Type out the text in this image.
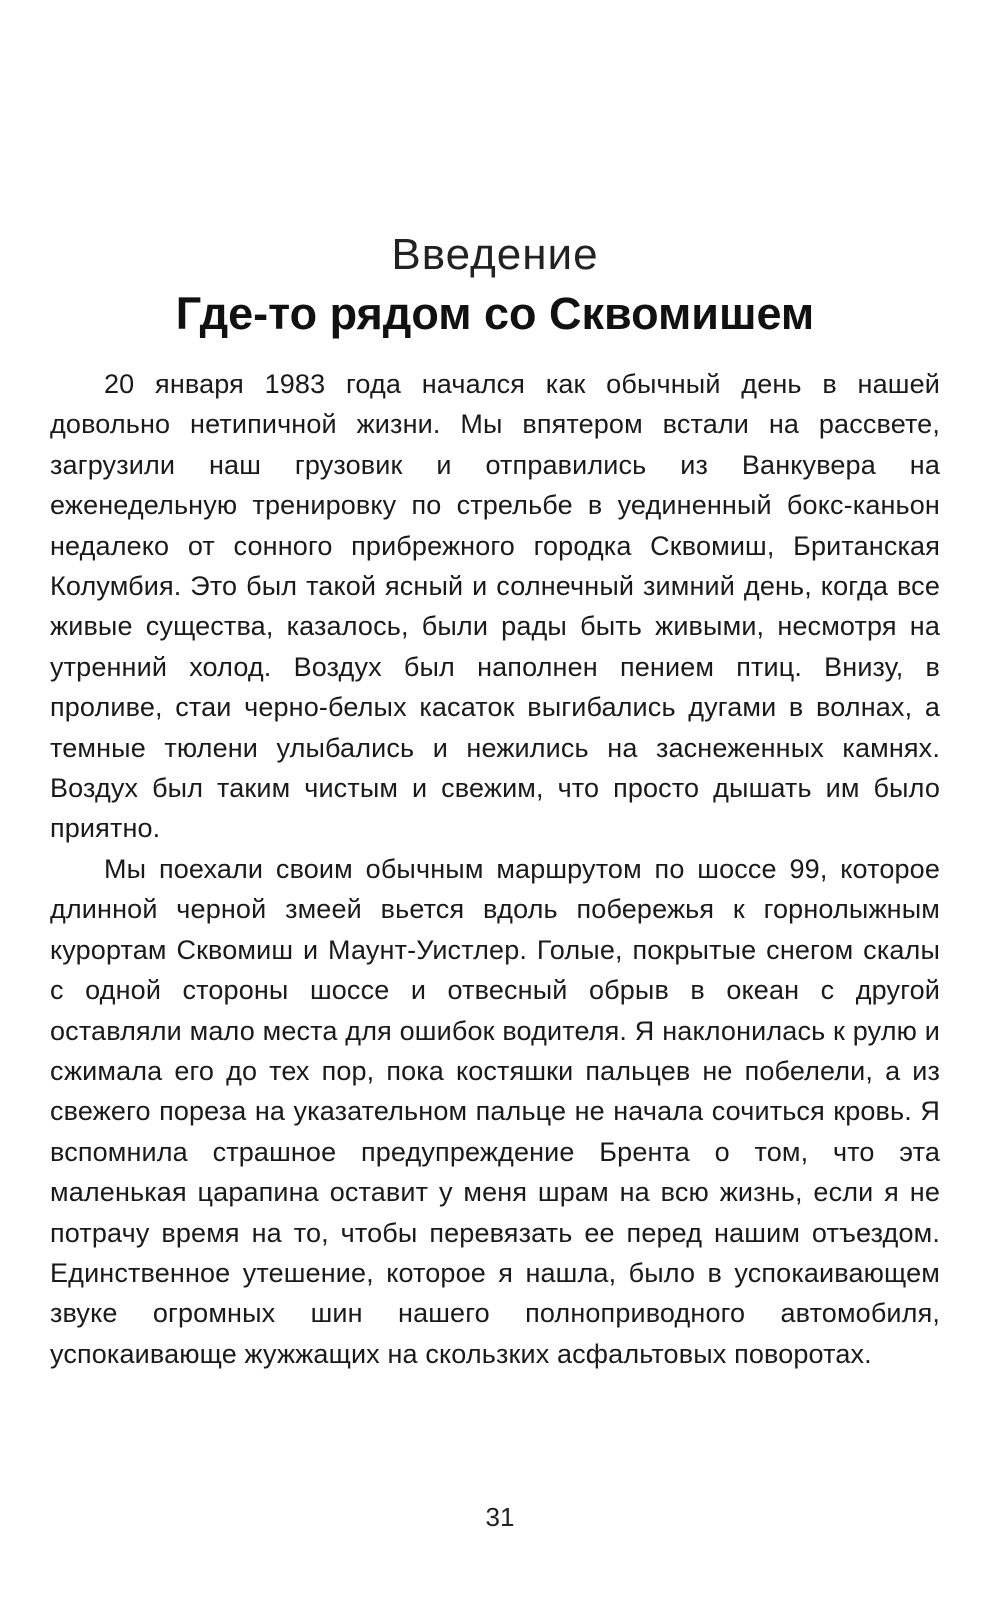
Введение
Где-то рядом со Сквомишем

20 января 1983 года начался как обычный день в нашей довольно нетипичной жизни. Мы впятером встали на рассвете, загрузили наш грузовик и отправились из Ванкувера на еженедельную тренировку по стрельбе в уединенный бокс-каньон недалеко от сонного прибрежного городка Сквомиш, Британская Колумбия. Это был такой ясный и солнечный зимний день, когда все живые существа, казалось, были рады быть живыми, несмотря на утренний холод. Воздух был наполнен пением птиц. Внизу, в проливе, стаи черно-белых касаток выгибались дугами в волнах, а темные тюлени улыбались и нежились на заснеженных камнях. Воздух был таким чистым и свежим, что просто дышать им было приятно.

Мы поехали своим обычным маршрутом по шоссе 99, которое длинной черной змеей вьется вдоль побережья к горнолыжным курортам Сквомиш и Маунт-Уистлер. Голые, покрытые снегом скалы с одной стороны шоссе и отвесный обрыв в океан с другой оставляли мало места для ошибок водителя. Я наклонилась к рулю и сжимала его до тех пор, пока костяшки пальцев не побелели, а из свежего пореза на указательном пальце не начала сочиться кровь. Я вспомнила страшное предупреждение Брента о том, что эта маленькая царапина оставит у меня шрам на всю жизнь, если я не потрачу время на то, чтобы перевязать ее перед нашим отъездом. Единственное утешение, которое я нашла, было в успокаивающем звуке огромных шин нашего полноприводного автомобиля, успокаивающе жужжащих на скользких асфальтовых поворотах.

31
